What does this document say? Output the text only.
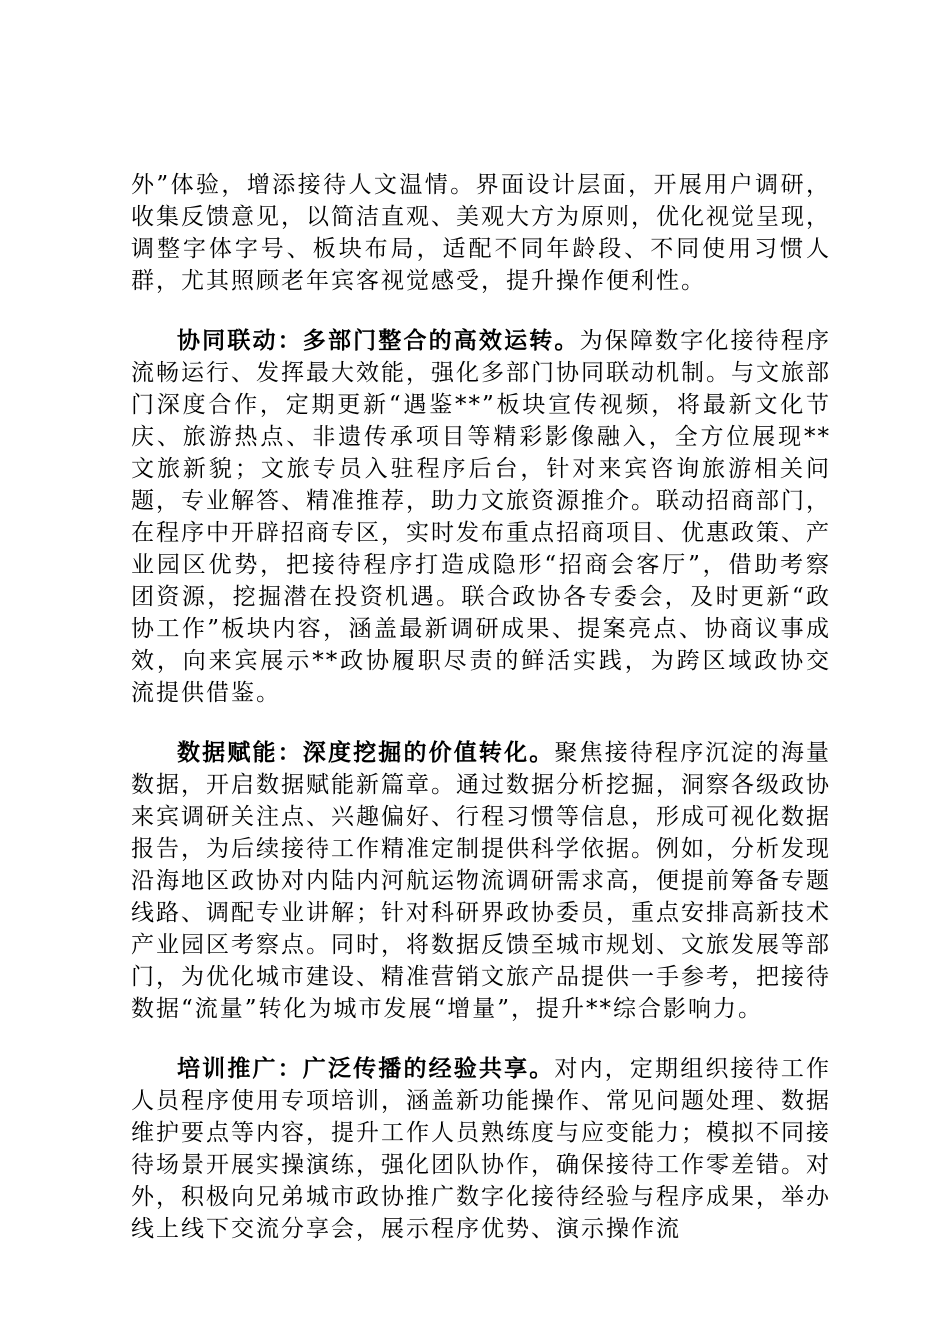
外”体验，增添接待人文温情。界面设计层面，开展用户调研，收集反馈意见，以简洁直观、美观大方为原则，优化视觉呈现，调整字体字号、板块布局，适配不同年龄段、不同使用习惯人群，尤其照顾老年宾客视觉感受，提升操作便利性。

协同联动：多部门整合的高效运转。为保障数字化接待程序流畅运行、发挥最大效能，强化多部门协同联动机制。与文旅部门深度合作，定期更新“遇鉴**”板块宣传视频，将最新文化节庆、旅游热点、非遗传承项目等精彩影像融入，全方位展现**文旅新貌；文旅专员入驻程序后台，针对来宾咨询旅游相关问题，专业解答、精准推荐，助力文旅资源推介。联动招商部门，在程序中开辟招商专区，实时发布重点招商项目、优惠政策、产业园区优势，把接待程序打造成隐形“招商会客厅”，借助考察团资源，挖掘潜在投资机遇。联合政协各专委会，及时更新“政协工作”板块内容，涵盖最新调研成果、提案亮点、协商议事成效，向来宾展示**政协履职尽责的鲜活实践，为跨区域政协交流提供借鉴。

数据赋能：深度挖掘的价值转化。聚焦接待程序沉淀的海量数据，开启数据赋能新篇章。通过数据分析挖掘，洞察各级政协来宾调研关注点、兴趣偏好、行程习惯等信息，形成可视化数据报告，为后续接待工作精准定制提供科学依据。例如，分析发现沿海地区政协对内陆内河航运物流调研需求高，便提前筹备专题线路、调配专业讲解；针对科研界政协委员，重点安排高新技术产业园区考察点。同时，将数据反馈至城市规划、文旅发展等部门，为优化城市建设、精准营销文旅产品提供一手参考，把接待数据“流量”转化为城市发展“增量”，提升**综合影响力。

培训推广：广泛传播的经验共享。对内，定期组织接待工作人员程序使用专项培训，涵盖新功能操作、常见问题处理、数据维护要点等内容，提升工作人员熟练度与应变能力；模拟不同接待场景开展实操演练，强化团队协作，确保接待工作零差错。对外，积极向兄弟城市政协推广数字化接待经验与程序成果，举办线上线下交流分享会，展示程序优势、演示操作流
